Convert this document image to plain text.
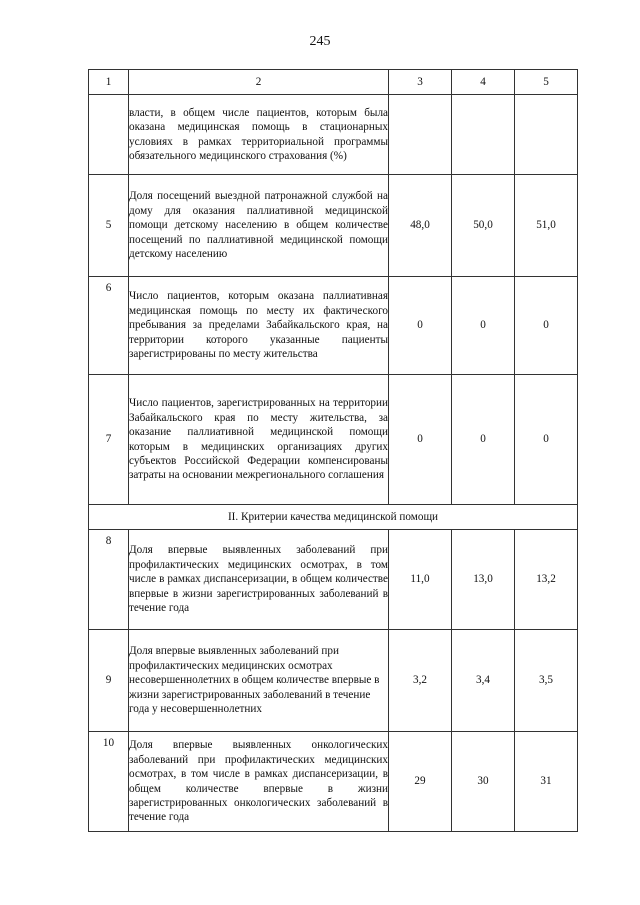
245
1	2	3	4	5
	власти, в общем числе пациентов, которым была оказана медицинская помощь в стационарных условиях в рамках территориальной программы обязательного медицинского страхования (%)			
5	Доля посещений выездной патронажной службой на дому для оказания паллиативной медицинской помощи детскому населению в общем количестве посещений по паллиативной медицинской помощи детскому населению	48,0	50,0	51,0
6	Число пациентов, которым оказана паллиативная медицинская помощь по месту их фактического пребывания за пределами Забайкальского края, на территории которого указанные пациенты зарегистрированы по месту жительства	0	0	0
7	Число пациентов, зарегистрированных на территории Забайкальского края по месту жительства, за оказание паллиативной медицинской помощи которым в медицинских организациях других субъектов Российской Федерации компенсированы затраты на основании межрегионального соглашения	0	0	0
II. Критерии качества медицинской помощи				
8	Доля впервые выявленных заболеваний при профилактических медицинских осмотрах, в том числе в рамках диспансеризации, в общем количестве впервые в жизни зарегистрированных заболеваний в течение года	11,0	13,0	13,2
9	Доля впервые выявленных заболеваний при профилактических медицинских осмотрах несовершеннолетних в общем количестве впервые в жизни зарегистрированных заболеваний в течение года у несовершеннолетних	3,2	3,4	3,5
10	Доля впервые выявленных онкологических заболеваний при профилактических медицинских осмотрах, в том числе в рамках диспансеризации, в общем количестве впервые в жизни зарегистрированных онкологических заболеваний в течение года	29	30	31
